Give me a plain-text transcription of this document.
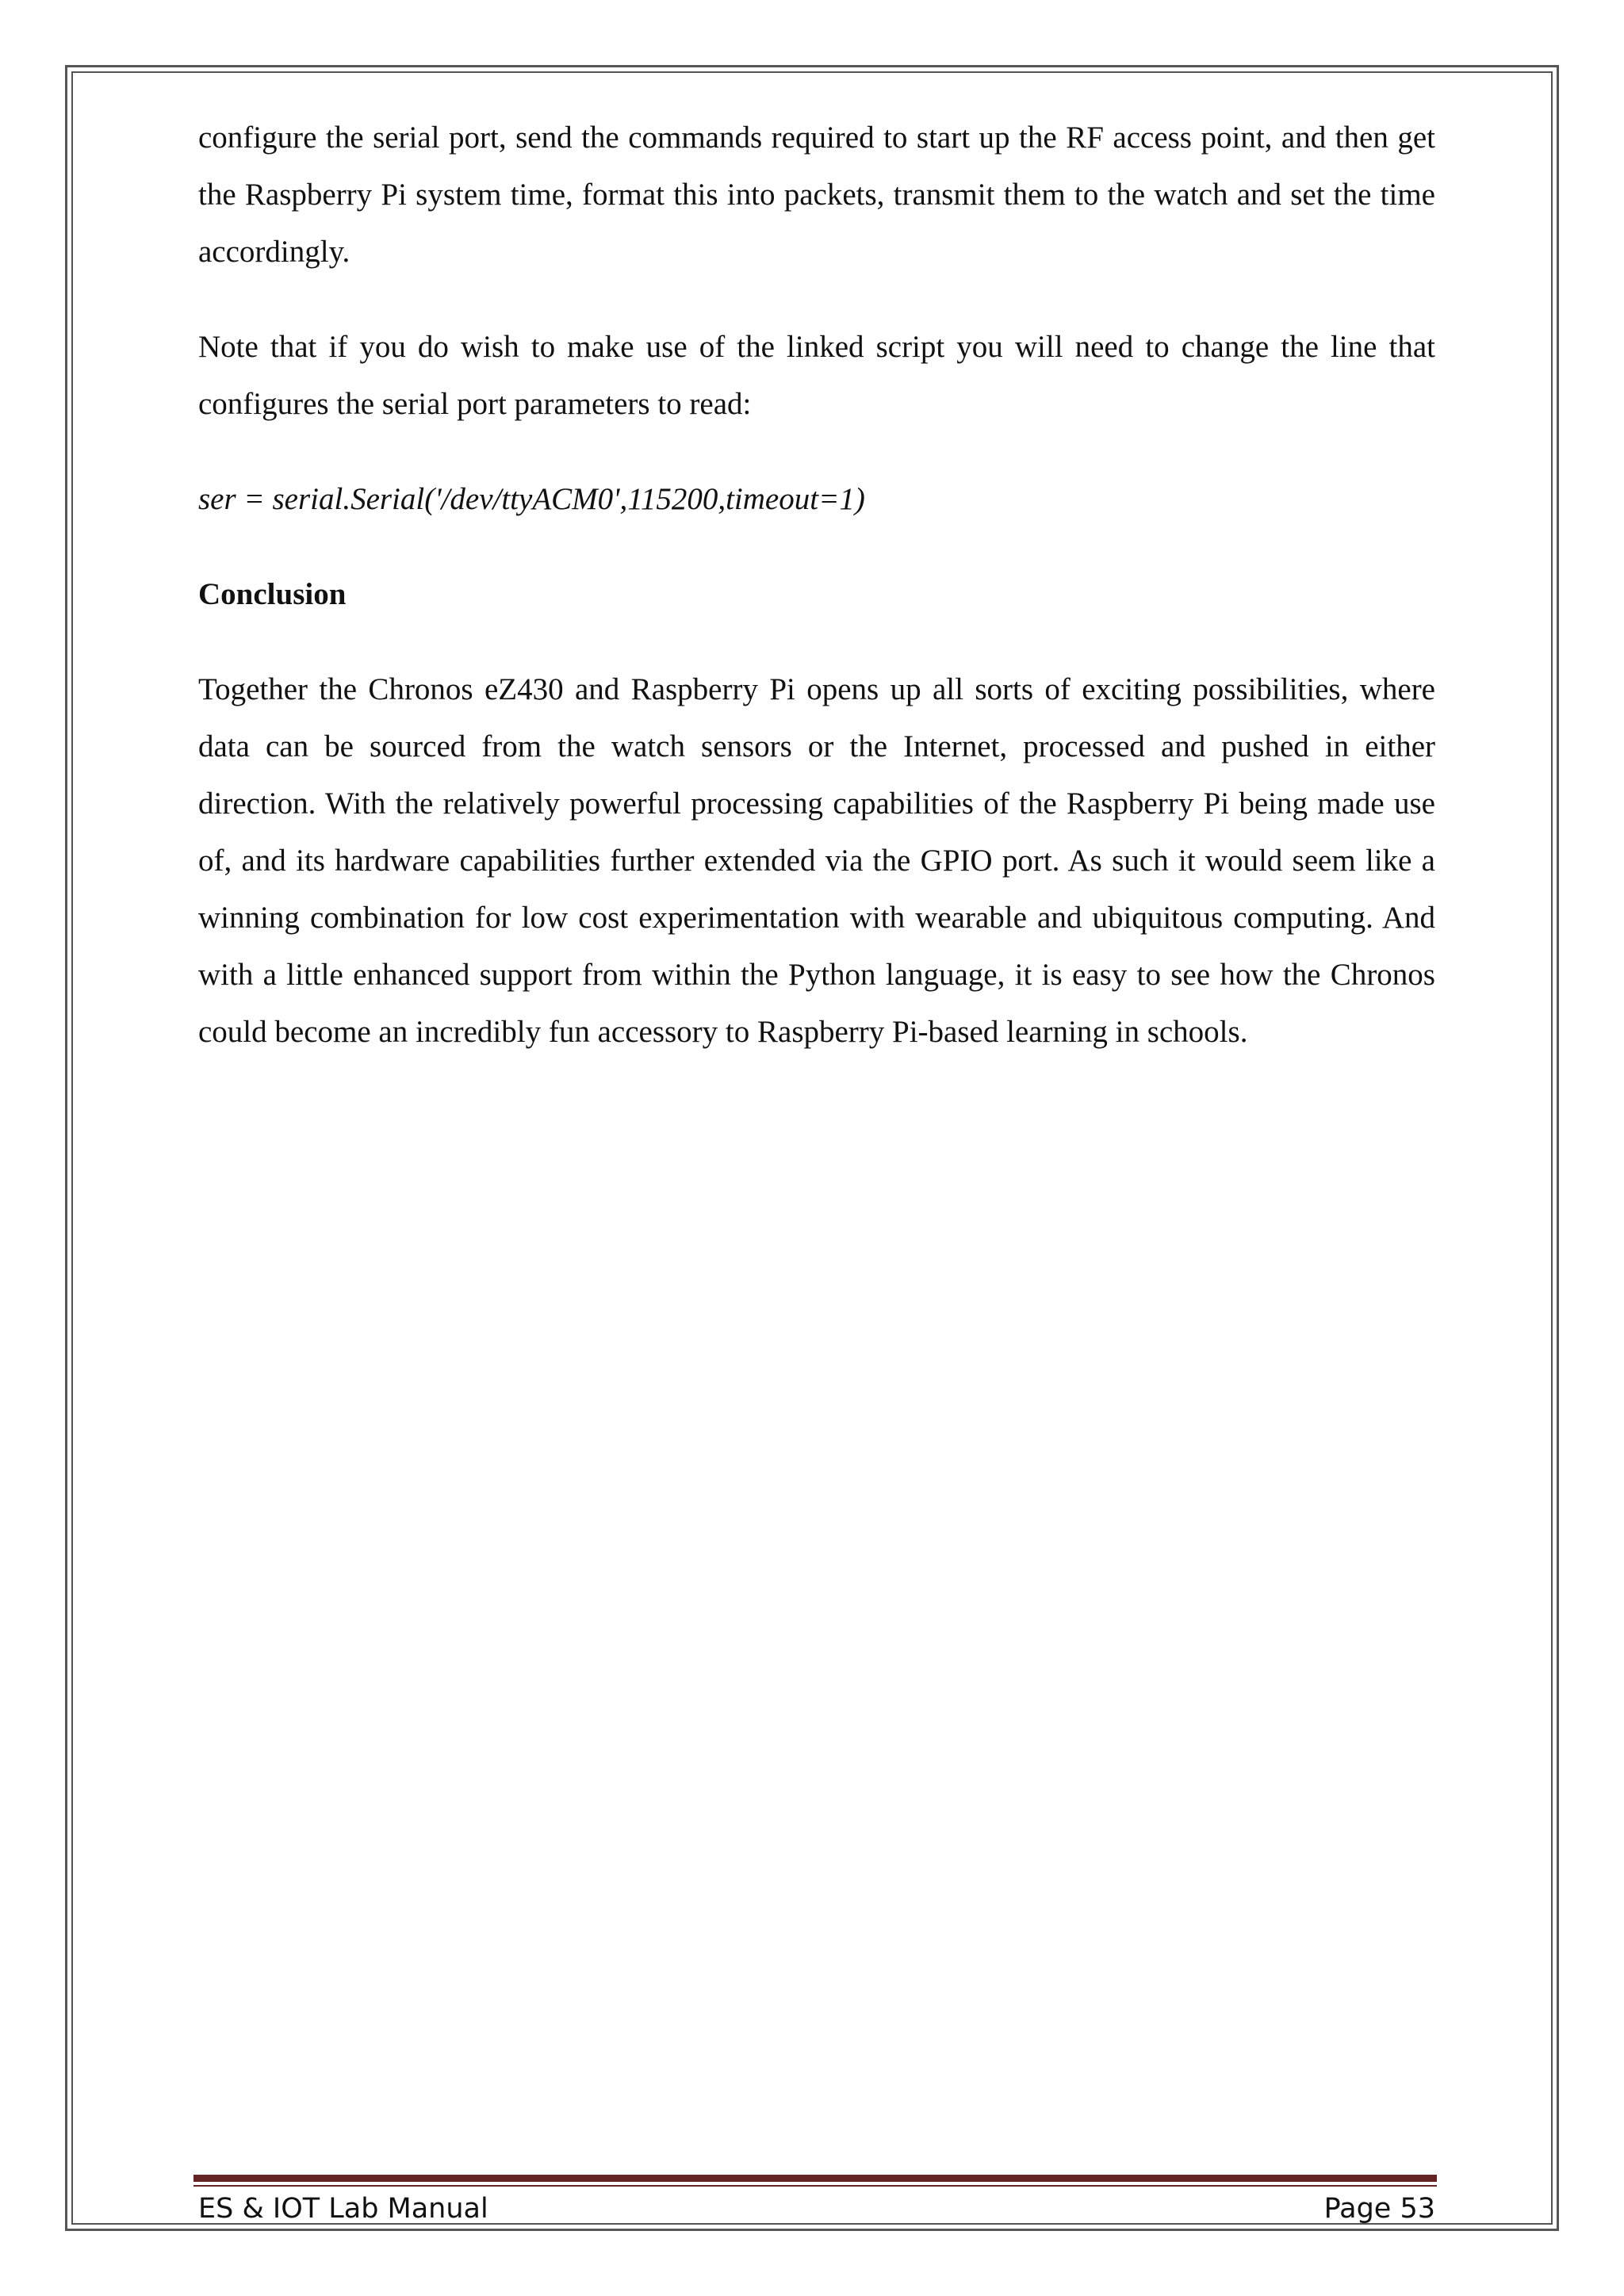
configure the serial port, send the commands required to start up the RF access point, and then get the Raspberry Pi system time, format this into packets, transmit them to the watch and set the time accordingly.

Note that if you do wish to make use of the linked script you will need to change the line that configures the serial port parameters to read:

ser = serial.Serial('/dev/ttyACM0',115200,timeout=1)

Conclusion

Together the Chronos eZ430 and Raspberry Pi opens up all sorts of exciting possibilities, where data can be sourced from the watch sensors or the Internet, processed and pushed in either direction. With the relatively powerful processing capabilities of the Raspberry Pi being made use of, and its hardware capabilities further extended via the GPIO port. As such it would seem like a winning combination for low cost experimentation with wearable and ubiquitous computing. And with a little enhanced support from within the Python language, it is easy to see how the Chronos could become an incredibly fun accessory to Raspberry Pi-based learning in schools.

ES & IOT Lab Manual	Page 53
